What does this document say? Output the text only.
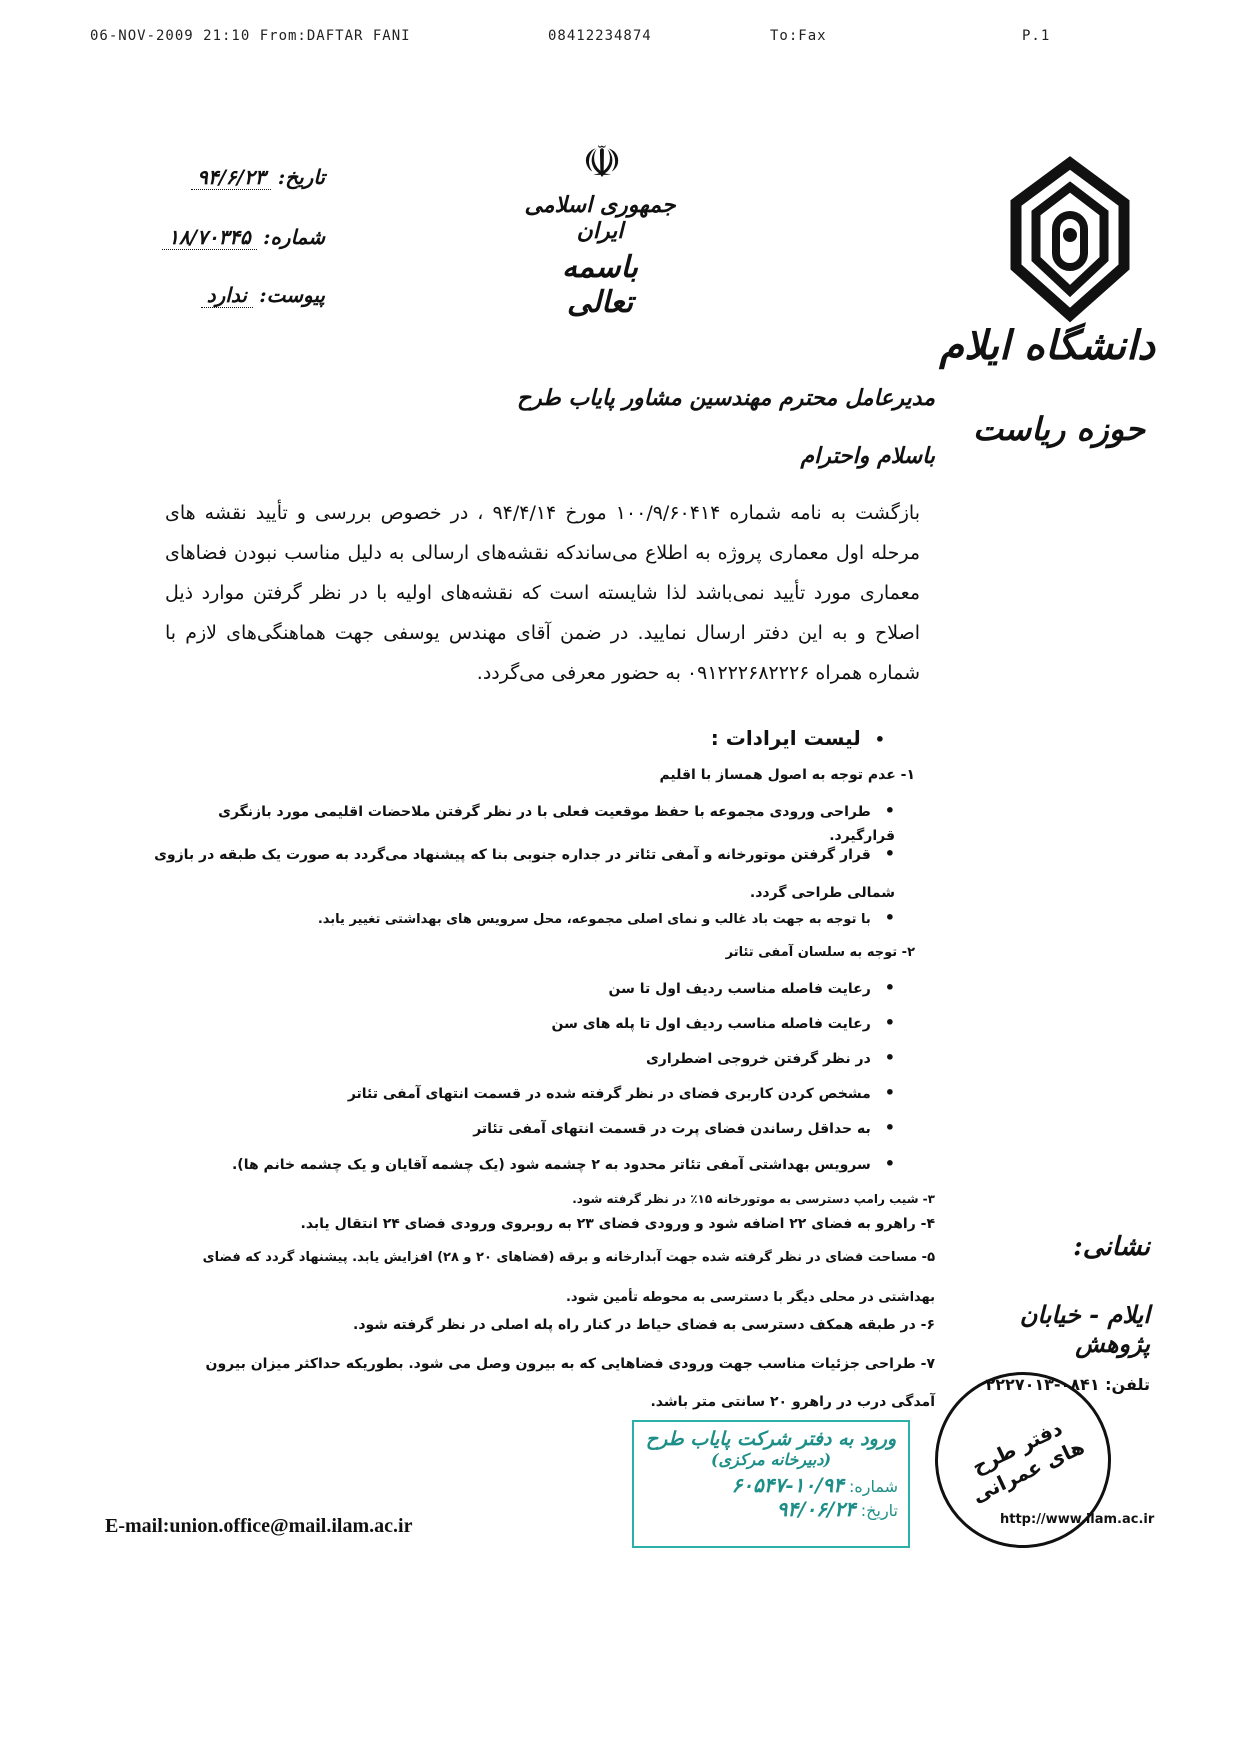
06-NOV-2009 21:10 From:DAFTAR FANI	08412234874	To:Fax	P.1
دانشگاه ایلام
حوزه ریاست
☫
جمهوری اسلامی ایران
باسمه تعالی
تاریخ: ۹۴/۶/۲۳
شماره: ۱۸/۷۰۳۴۵
پیوست: ندارد
مدیرعامل محترم مهندسین مشاور پایاب طرح
باسلام واحترام
بازگشت به نامه شماره ۱۰۰/۹/۶۰۴۱۴ مورخ ۹۴/۴/۱۴ ، در خصوص بررسی و تأیید نقشه های مرحله اول معماری پروژه به اطلاع می‌ساندکه نقشه‌های ارسالی به دلیل مناسب نبودن فضاهای معماری مورد تأیید نمی‌باشد لذا شایسته است که نقشه‌های اولیه با در نظر گرفتن موارد ذیل اصلاح و به این دفتر ارسال نمایید. در ضمن آقای مهندس یوسفی جهت هماهنگی‌های لازم با شماره همراه ۰۹۱۲۲۲۶۸۲۲۲۶ به حضور معرفی می‌گردد.
• لیست ایرادات :
۱- عدم توجه به اصول همساز با اقلیم
• طراحی ورودی مجموعه با حفظ موقعیت فعلی با در نظر گرفتن ملاحضات اقلیمی مورد بازنگری قرارگیرد.
• قرار گرفتن موتورخانه و آمفی تئاتر در جداره جنوبی بنا که پیشنهاد می‌گردد به صورت یک طبقه در بازوی شمالی طراحی گردد.
• با توجه به جهت باد غالب و نمای اصلی مجموعه، محل سرویس های بهداشتی تغییر یابد.
۲- توجه به سلسان آمفی تئاتر
• رعایت فاصله مناسب ردیف اول تا سن
• رعایت فاصله مناسب ردیف اول تا پله های سن
• در نظر گرفتن خروجی اضطراری
• مشخص کردن کاربری فضای در نظر گرفته شده در قسمت انتهای آمفی تئاتر
• به حداقل رساندن فضای پرت در قسمت انتهای آمفی تئاتر
• سرویس بهداشتی آمفی تئاتر محدود به ۲ چشمه شود (یک چشمه آقایان و یک چشمه خانم ها).
۳- شیب رامپ دسترسی به موتورخانه ۱۵٪ در نظر گرفته شود.
۴- راهرو به فضای ۲۲ اضافه شود و ورودی فضای ۲۳ به روبروی ورودی فضای ۲۴ انتقال یابد.
۵- مساحت فضای در نظر گرفته شده جهت آبدارخانه و برقه (فضاهای ۲۰ و ۲۸) افزایش یابد. پیشنهاد گردد که فضای بهداشتی در محلی دیگر با دسترسی به محوطه تأمین شود.
۶- در طبقه همکف دسترسی به فضای حیاط در کنار راه پله اصلی در نظر گرفته شود.
۷- طراحی جزئیات مناسب جهت ورودی فضاهایی که به بیرون وصل می شود. بطوریکه حداکثر میزان بیرون آمدگی درب در راهرو ۲۰ سانتی متر باشد.
نشانی:
ایلام - خیابان پژوهش
تلفن: ۰۸۴۱-۲۲۲۷۰۱۳
http://www.ilam.ac.ir
E-mail:union.office@mail.ilam.ac.ir
ورود به دفتر شرکت پایاب طرح
(دبیرخانه مرکزی)
شماره: ۱۰/۹۴-۶۰۵۴۷
تاریخ: ۹۴/۰۶/۲۴
دفتر طرح های عمرانی
